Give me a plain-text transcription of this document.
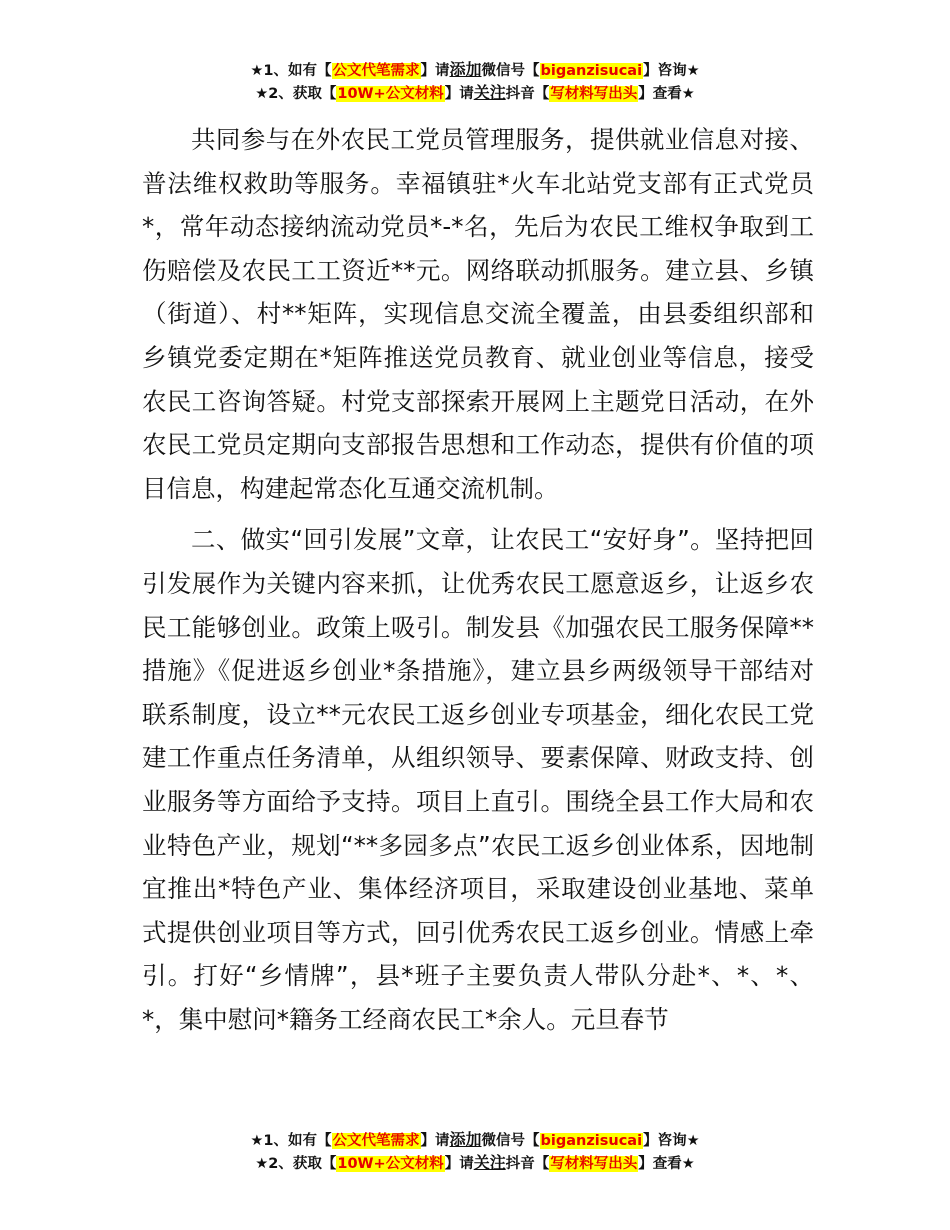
★1、如有【公文代笔需求】请添加微信号【biganzisucai】咨询★
★2、获取【10W+公文材料】请关注抖音【写材料写出头】查看★

共同参与在外农民工党员管理服务，提供就业信息对接、普法维权救助等服务。幸福镇驻*火车北站党支部有正式党员*，常年动态接纳流动党员*-*名，先后为农民工维权争取到工伤赔偿及农民工工资近**元。网络联动抓服务。建立县、乡镇（街道）、村**矩阵，实现信息交流全覆盖，由县委组织部和乡镇党委定期在*矩阵推送党员教育、就业创业等信息，接受农民工咨询答疑。村党支部探索开展网上主题党日活动，在外农民工党员定期向支部报告思想和工作动态，提供有价值的项目信息，构建起常态化互通交流机制。

二、做实“回引发展”文章，让农民工“安好身”。坚持把回引发展作为关键内容来抓，让优秀农民工愿意返乡，让返乡农民工能够创业。政策上吸引。制发县《加强农民工服务保障**措施》《促进返乡创业*条措施》，建立县乡两级领导干部结对联系制度，设立**元农民工返乡创业专项基金，细化农民工党建工作重点任务清单，从组织领导、要素保障、财政支持、创业服务等方面给予支持。项目上直引。围绕全县工作大局和农业特色产业，规划“**多园多点”农民工返乡创业体系，因地制宜推出*特色产业、集体经济项目，采取建设创业基地、菜单式提供创业项目等方式，回引优秀农民工返乡创业。情感上牵引。打好“乡情牌”，县*班子主要负责人带队分赴*、*、*、*，集中慰问*籍务工经商农民工*余人。元旦春节

★1、如有【公文代笔需求】请添加微信号【biganzisucai】咨询★
★2、获取【10W+公文材料】请关注抖音【写材料写出头】查看★
